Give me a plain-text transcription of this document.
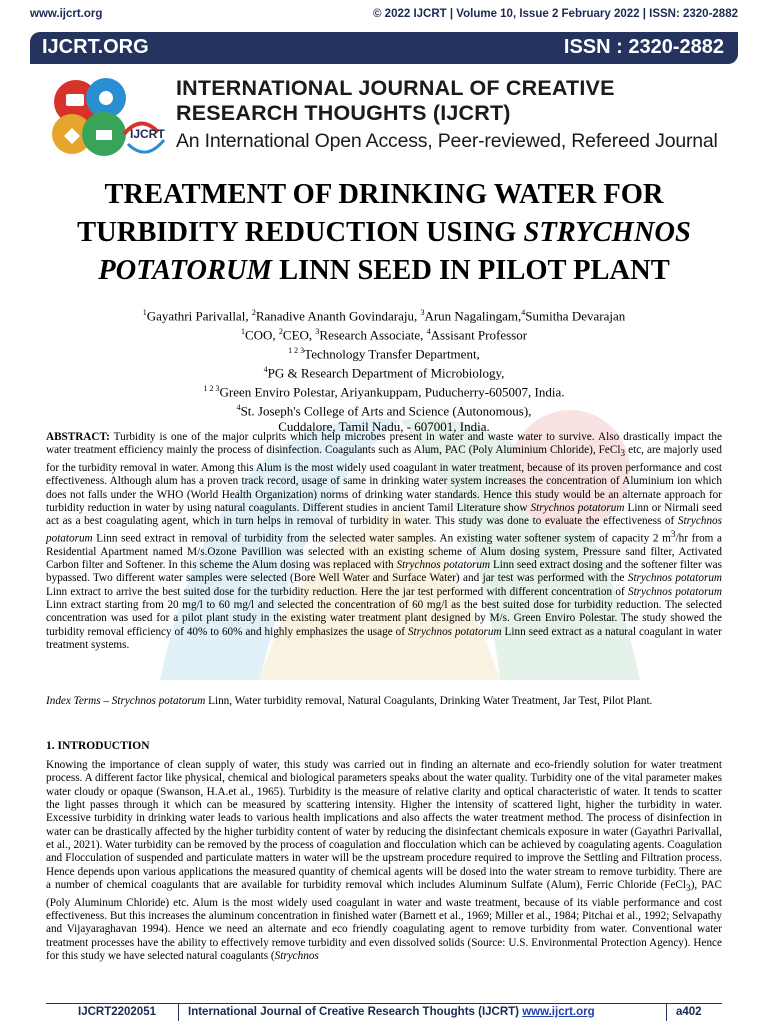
www.ijcrt.org	© 2022 IJCRT | Volume 10, Issue 2 February 2022 | ISSN: 2320-2882
IJCRT.ORG	ISSN : 2320-2882
IJCRT
INTERNATIONAL JOURNAL OF CREATIVE
RESEARCH THOUGHTS (IJCRT)
An International Open Access, Peer-reviewed, Refereed Journal
TREATMENT OF DRINKING WATER FOR TURBIDITY REDUCTION USING STRYCHNOS POTATORUM LINN SEED IN PILOT PLANT
$^1$Gayathri Parivallal, $^2$Ranadive Ananth Govindaraju, $^3$Arun Nagalingam,$^4$Sumitha Devarajan
$^1$COO, $^2$CEO, $^3$Research Associate, $^4$Assisant Professor
$^{1 2 3}$Technology Transfer Department,
$^4$PG & Research Department of Microbiology,
$^{1 2 3}$Green Enviro Polestar, Ariyankuppam, Puducherry-605007, India.
$^4$St. Joseph's College of Arts and Science (Autonomous),
Cuddalore, Tamil Nadu, - 607001, India.
ABSTRACT: Turbidity is one of the major culprits which help microbes present in water and waste water to survive. Also drastically impact the water treatment efficiency mainly the process of disinfection. Coagulants such as Alum, PAC (Poly Aluminium Chloride), FeCl$_3$ etc, are majorly used for the turbidity removal in water. Among this Alum is the most widely used coagulant in water treatment, because of its proven performance and cost effectiveness. Although alum has a proven track record, usage of same in drinking water system increases the concentration of Aluminium ion which does not falls under the WHO (World Health Organization) norms of drinking water standards. Hence this study would be an alternate approach for turbidity reduction in water by using natural coagulants. Different studies in ancient Tamil Literature show Strychnos potatorum Linn or Nirmali seed act as a best coagulating agent, which in turn helps in removal of turbidity in water. This study was done to evaluate the effectiveness of Strychnos potatorum Linn seed extract in removal of turbidity from the selected water samples. An existing water softener system of capacity 2 $m^3/hr$ from a Residential Apartment named M/s.Ozone Pavillion was selected with an existing scheme of Alum dosing system, Pressure sand filter, Activated Carbon filter and Softener. In this scheme the Alum dosing was replaced with Strychnos potatorum Linn seed extract dosing and the softener filter was bypassed. Two different water samples were selected (Bore Well Water and Surface Water) and jar test was performed with the Strychnos potatorum Linn extract to arrive the best suited dose for the turbidity reduction. Here the jar test performed with different concentration of Strychnos potatorum Linn extract starting from 20 mg/l to 60 mg/l and selected the concentration of 60 mg/l as the best suited dose for turbidity reduction. The selected concentration was used for a pilot plant study in the existing water treatment plant designed by M/s. Green Enviro Polestar. The study showed the turbidity removal efficiency of 40% to 60% and highly emphasizes the usage of Strychnos potatorum Linn seed extract as a natural coagulant in water treatment systems.
Index Terms – Strychnos potatorum Linn, Water turbidity removal, Natural Coagulants, Drinking Water Treatment, Jar Test, Pilot Plant.
1. INTRODUCTION
Knowing the importance of clean supply of water, this study was carried out in finding an alternate and eco-friendly solution for water treatment process. A different factor like physical, chemical and biological parameters speaks about the water quality. Turbidity one of the vital parameter makes water cloudy or opaque (Swanson, H.A.et al., 1965). Turbidity is the measure of relative clarity and optical characteristic of water. It tends to scatter the light passes through it which can be measured by scattering intensity. Higher the intensity of scattered light, higher the turbidity in water. Excessive turbidity in drinking water leads to various health implications and also affects the water treatment method. The process of disinfection in water can be drastically affected by the higher turbidity content of water by reducing the disinfectant chemicals exposure in water (Gayathri Parivallal, et al., 2021). Water turbidity can be removed by the process of coagulation and flocculation which can be achieved by coagulating agents. Coagulation and Flocculation of suspended and particulate matters in water will be the upstream procedure required to improve the Settling and Filtration process. Hence depends upon various applications the measured quantity of chemical agents will be dosed into the water stream to remove turbidity. There are a number of chemical coagulants that are available for turbidity removal which includes Aluminum Sulfate (Alum), Ferric Chloride (FeCl$_3$), PAC (Poly Aluminum Chloride) etc. Alum is the most widely used coagulant in water and waste treatment, because of its viable performance and cost effectiveness. But this increases the aluminum concentration in finished water (Barnett et al., 1969; Miller et al., 1984; Pitchai et al., 1992; Selvapathy and Vijayaraghavan 1994). Hence we need an alternate and eco friendly coagulating agent to remove turbidity from water. Conventional water treatment processes have the ability to effectively remove turbidity and even dissolved solids (Source: U.S. Environmental Protection Agency). Hence for this study we have selected natural coagulants (Strychnos
IJCRT2202051	International Journal of Creative Research Thoughts (IJCRT) www.ijcrt.org	a402
